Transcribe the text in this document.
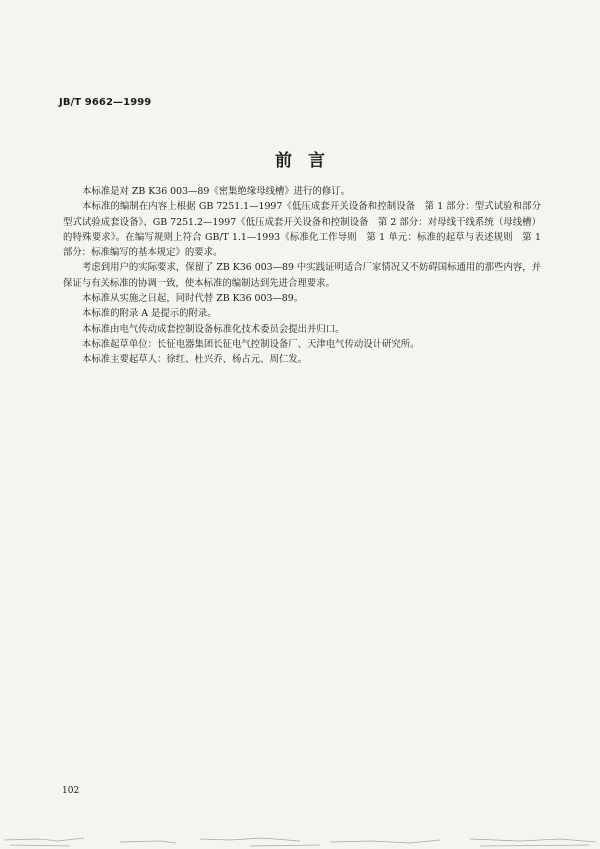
JB/T 9662—1999
前言

本标准是对 ZB K36 003—89《密集绝缘母线槽》进行的修订。

本标准的编制在内容上根据 GB 7251.1—1997《低压成套开关设备和控制设备　第 1 部分：型式试验和部分型式试验成套设备》、GB 7251.2—1997《低压成套开关设备和控制设备　第 2 部分：对母线干线系统（母线槽）的特殊要求》。在编写规则上符合 GB/T 1.1—1993《标准化工作导则　第 1 单元：标准的起草与表述规则　第 1 部分：标准编写的基本规定》的要求。

考虑到用户的实际要求，保留了 ZB K36 003—89 中实践证明适合厂家情况又不妨碍国标通用的那些内容，并保证与有关标准的协调一致，使本标准的编制达到先进合理要求。

本标准从实施之日起，同时代替 ZB K36 003—89。

本标准的附录 A 是提示的附录。

本标准由电气传动成套控制设备标准化技术委员会提出并归口。

本标准起草单位：长征电器集团长征电气控制设备厂、天津电气传动设计研究所。

本标准主要起草人：徐红、杜兴乔、杨占元、周仁发。

102
